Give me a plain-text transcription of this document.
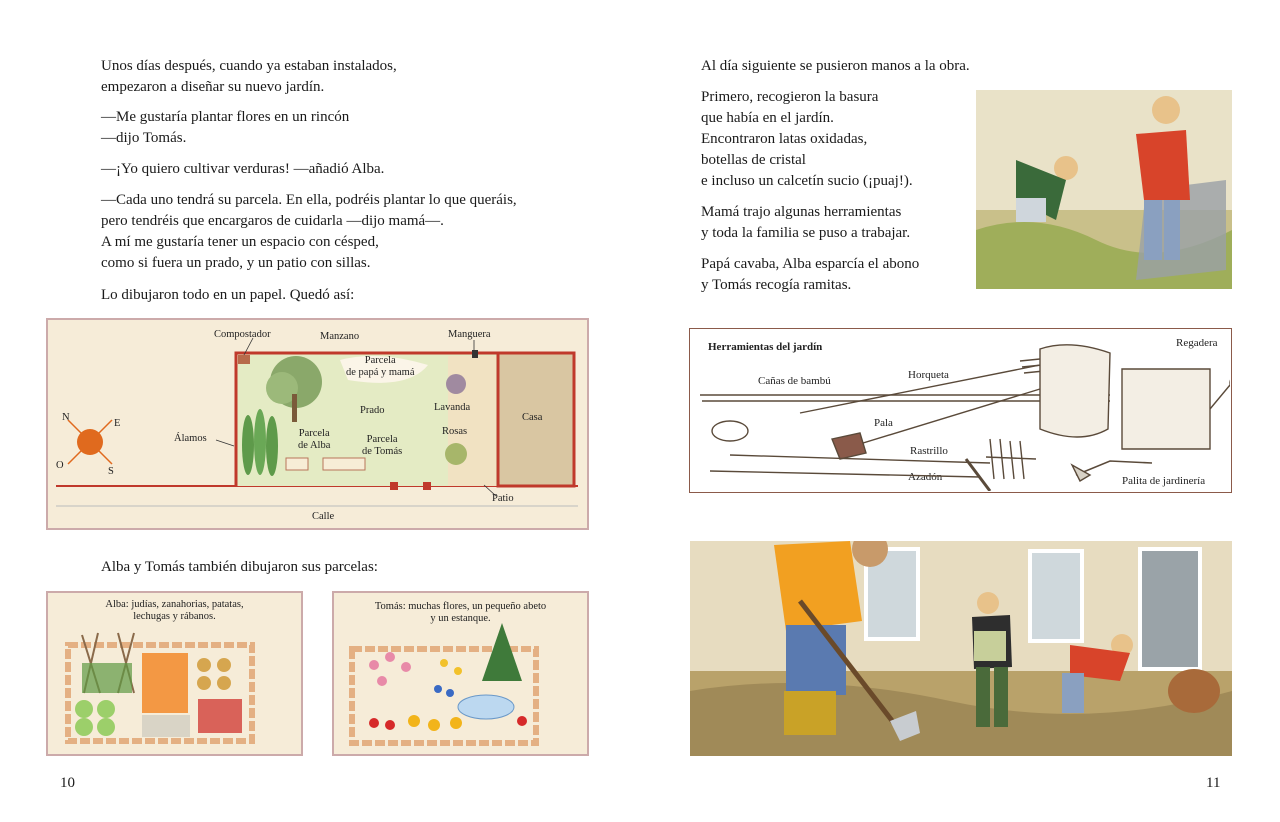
Unos días después, cuando ya estaban instalados,
empezaron a diseñar su nuevo jardín.
—Me gustaría plantar flores en un rincón
—dijo Tomás.
—¡Yo quiero cultivar verduras! —añadió Alba.
—Cada uno tendrá su parcela. En ella, podréis plantar lo que queráis,
pero tendréis que encargaros de cuidarla —dijo mamá—.
A mí me gustaría tener un espacio con césped,
como si fuera un prado, y un patio con sillas.
Lo dibujaron todo en un papel. Quedó así:
Compostador	Manzano
Parcela
de papá y mamá
Manguera
Prado	Lavanda
Casa
Rosas
Álamos	Parcela
de Alba
Parcela
de Tomás
Patio
Calle
N
E
S
O
Alba y Tomás también dibujaron sus parcelas:
Alba: judías, zanahorias, patatas,
lechugas y rábanos.
Tomás: muchas flores, un pequeño abeto
y un estanque.
10
Al día siguiente se pusieron manos a la obra.
Primero, recogieron la basura
que había en el jardín.
Encontraron latas oxidadas,
botellas de cristal
e incluso un calcetín sucio (¡puaj!).
Mamá trajo algunas herramientas
y toda la familia se puso a trabajar.
Papá cavaba, Alba esparcía el abono
y Tomás recogía ramitas.
Herramientas del jardín
Cañas de bambú	Horqueta
Regadera
Pala
Rastrillo
Azadón	Palita de jardinería
11
